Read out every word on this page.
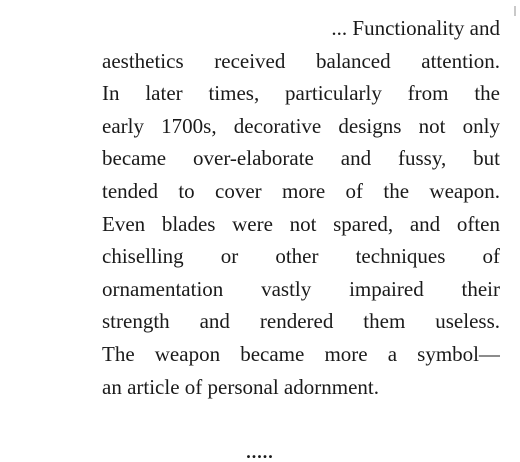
... Functionality and
aesthetics received balanced attention.
In later times, particularly from the
early 1700s, decorative designs not only
became over-elaborate and fussy, but
tended to cover more of the weapon.
Even blades were not spared, and often
chiselling or other techniques of
ornamentation vastly impaired their
strength and rendered them useless.
The weapon became more a symbol—
an article of personal adornment.
.....
